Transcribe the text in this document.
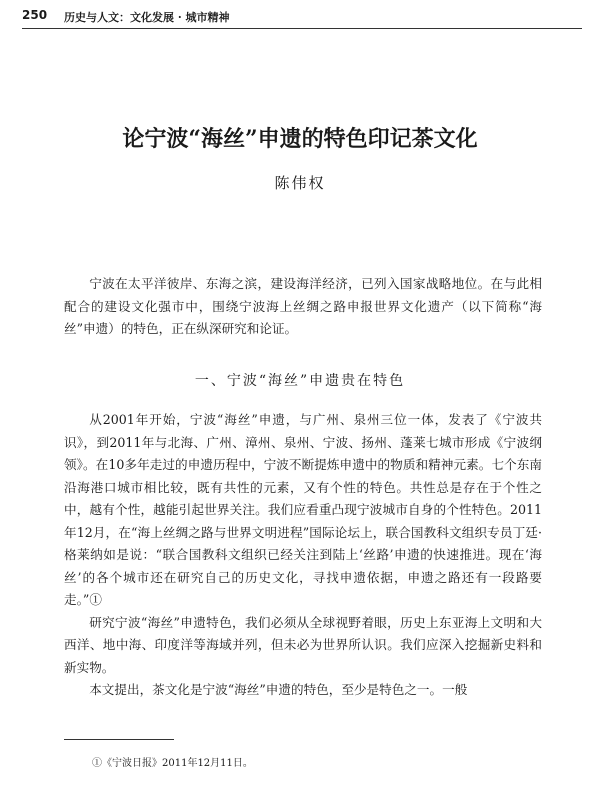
250 历史与人文：文化发展 · 城市精神
论宁波“海丝”申遗的特色印记茶文化
陈伟权

宁波在太平洋彼岸、东海之滨，建设海洋经济，已列入国家战略地位。在与此相配合的建设文化强市中，围绕宁波海上丝绸之路申报世界文化遗产（以下简称“海丝”申遗）的特色，正在纵深研究和论证。

一、宁波“海丝”申遗贵在特色

从2001年开始，宁波“海丝”申遗，与广州、泉州三位一体，发表了《宁波共识》，到2011年与北海、广州、漳州、泉州、宁波、扬州、蓬莱七城市形成《宁波纲领》。在10多年走过的申遗历程中，宁波不断提炼申遗中的物质和精神元素。七个东南沿海港口城市相比较，既有共性的元素，又有个性的特色。共性总是存在于个性之中，越有个性，越能引起世界关注。我们应看重凸现宁波城市自身的个性特色。2011年12月，在“海上丝绸之路与世界文明进程”国际论坛上，联合国教科文组织专员丁廷·格莱纳如是说：“联合国教科文组织已经关注到陆上‘丝路’申遗的快速推进。现在‘海丝’的各个城市还在研究自己的历史文化，寻找申遗依据，申遗之路还有一段路要走。”①

研究宁波“海丝”申遗特色，我们必须从全球视野着眼，历史上东亚海上文明和大西洋、地中海、印度洋等海域并列，但未必为世界所认识。我们应深入挖掘新史料和新实物。

本文提出，茶文化是宁波“海丝”申遗的特色，至少是特色之一。一般

①《宁波日报》2011年12月11日。
